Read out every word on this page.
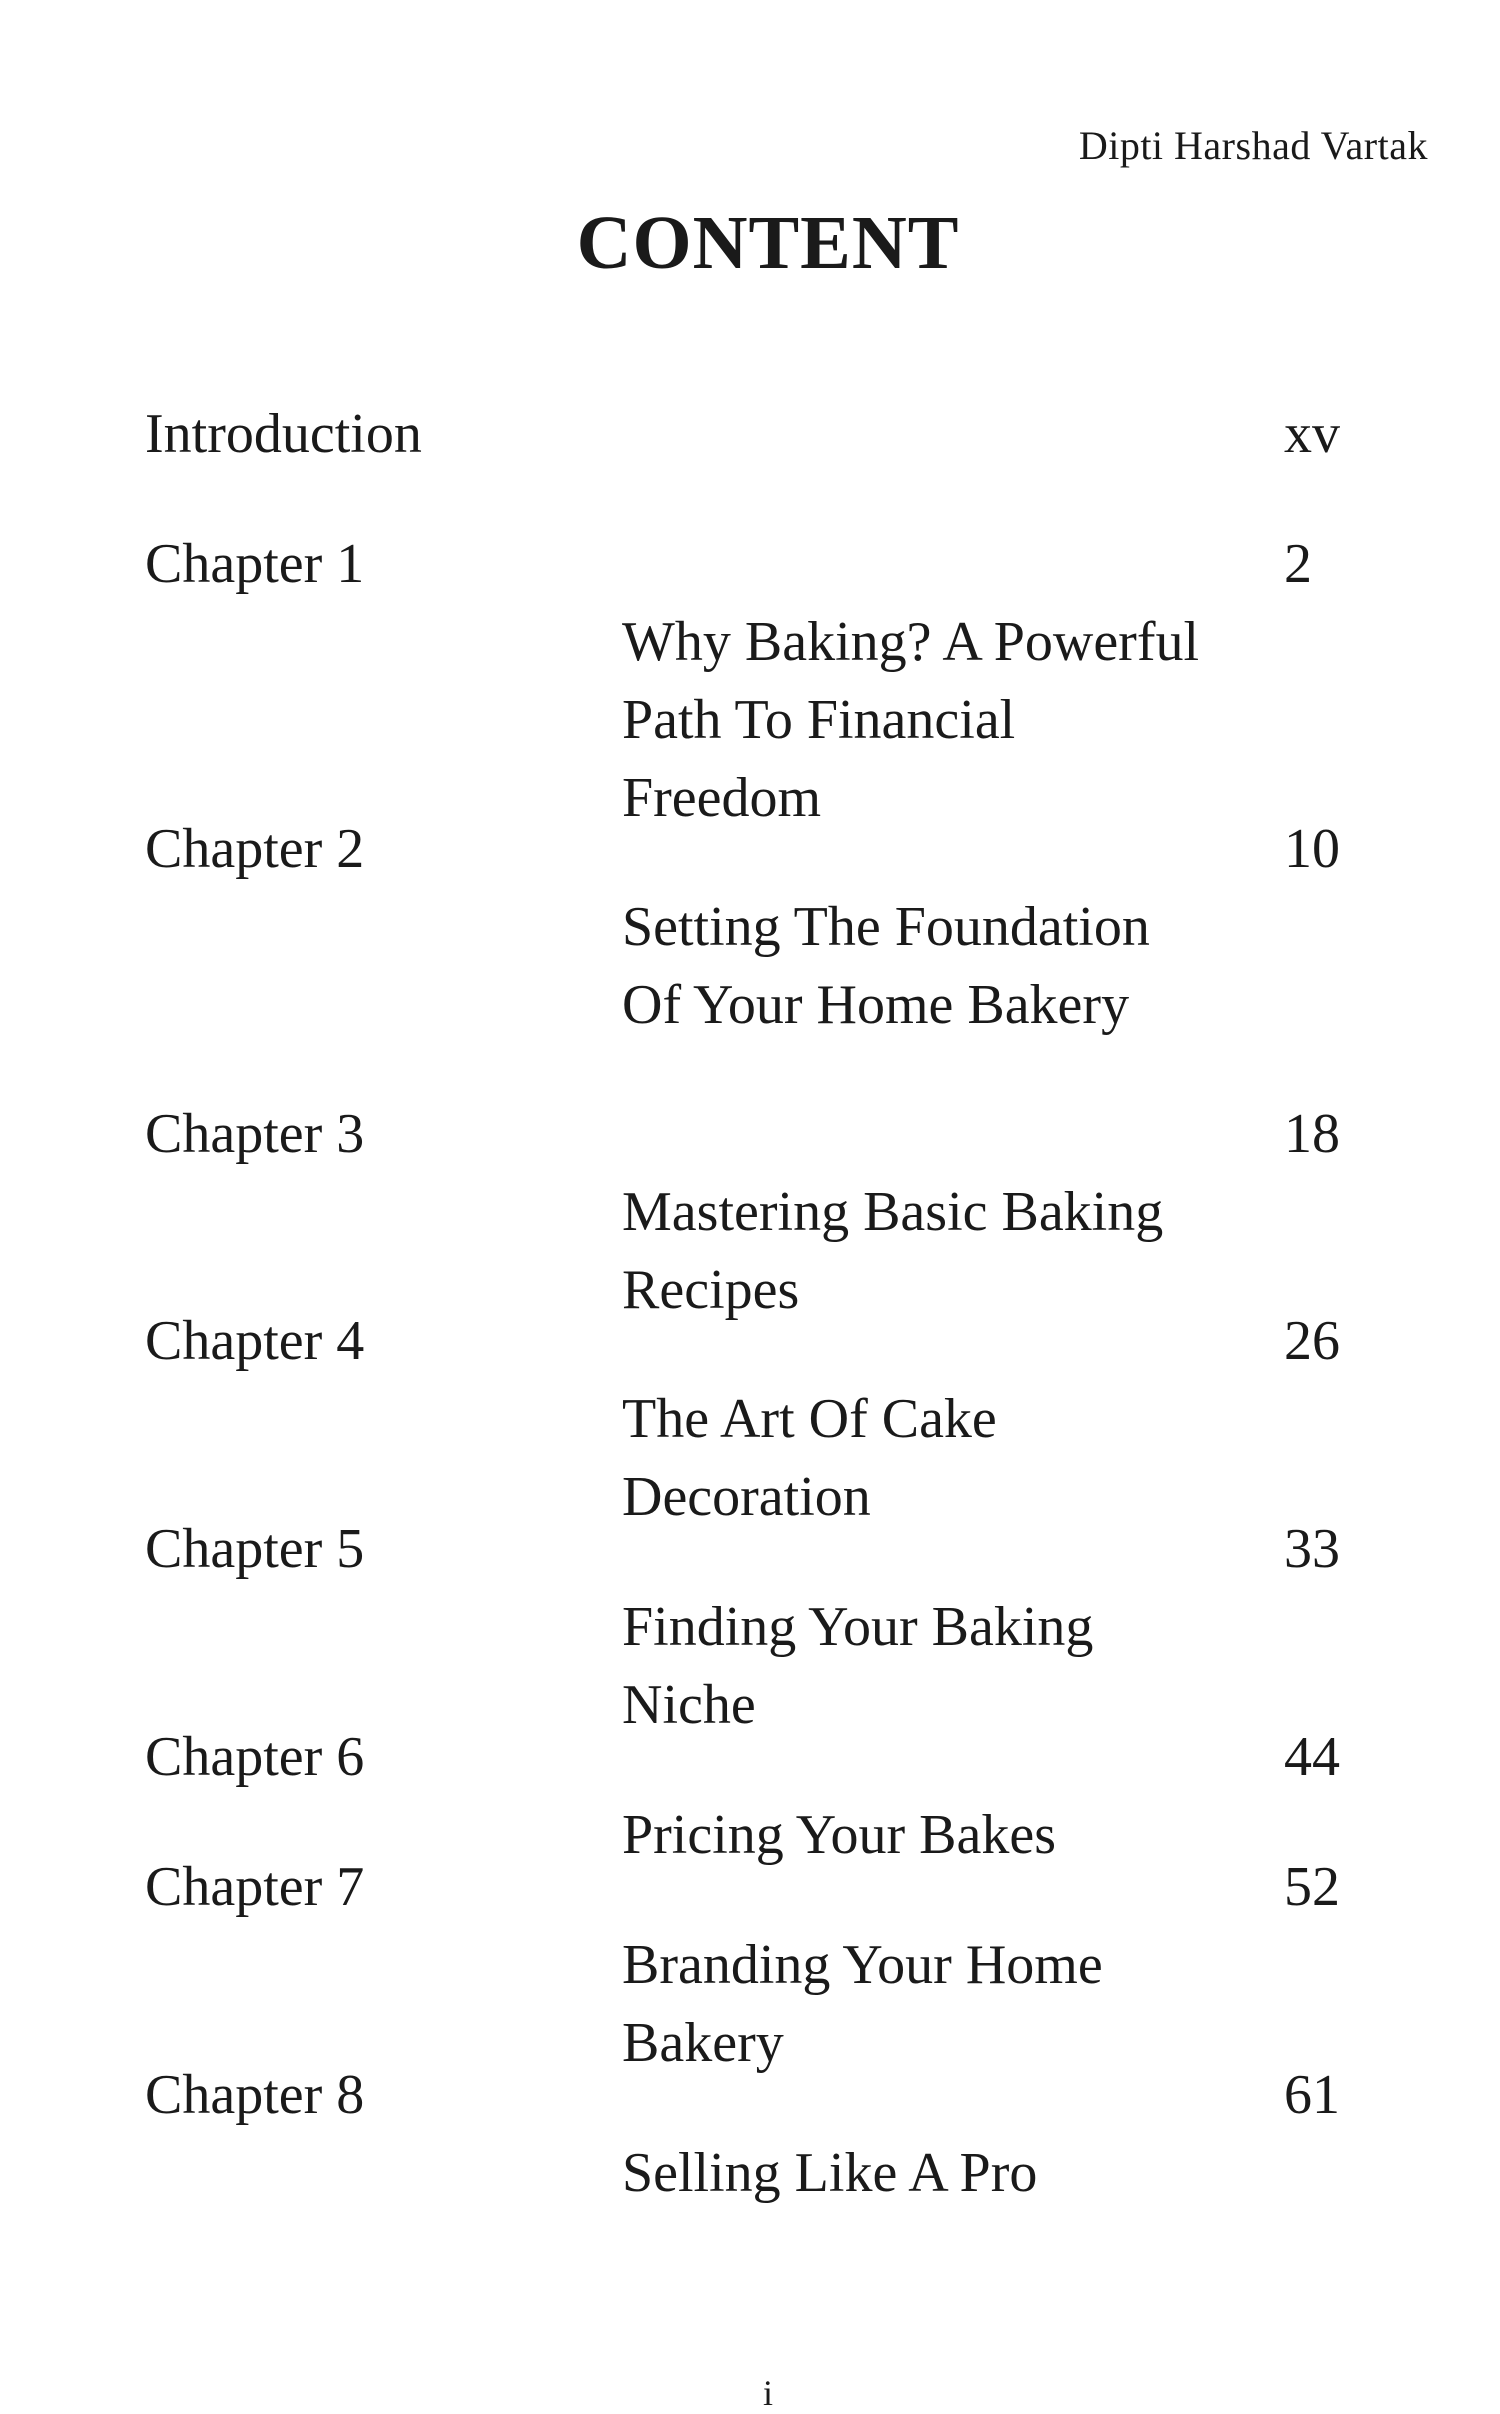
Dipti Harshad Vartak
CONTENT
Introduction	xv
Chapter 1

Why Baking? A Powerful Path To Financial Freedom

2
Chapter 2

Setting The Foundation Of Your Home Bakery

10
Chapter 3

Mastering Basic Baking Recipes

18
Chapter 4

The Art Of Cake Decoration

26
Chapter 5

Finding Your Baking Niche

33
Chapter 6

Pricing Your Bakes

44
Chapter 7

Branding Your Home Bakery

52
Chapter 8

Selling Like A Pro

61
i
